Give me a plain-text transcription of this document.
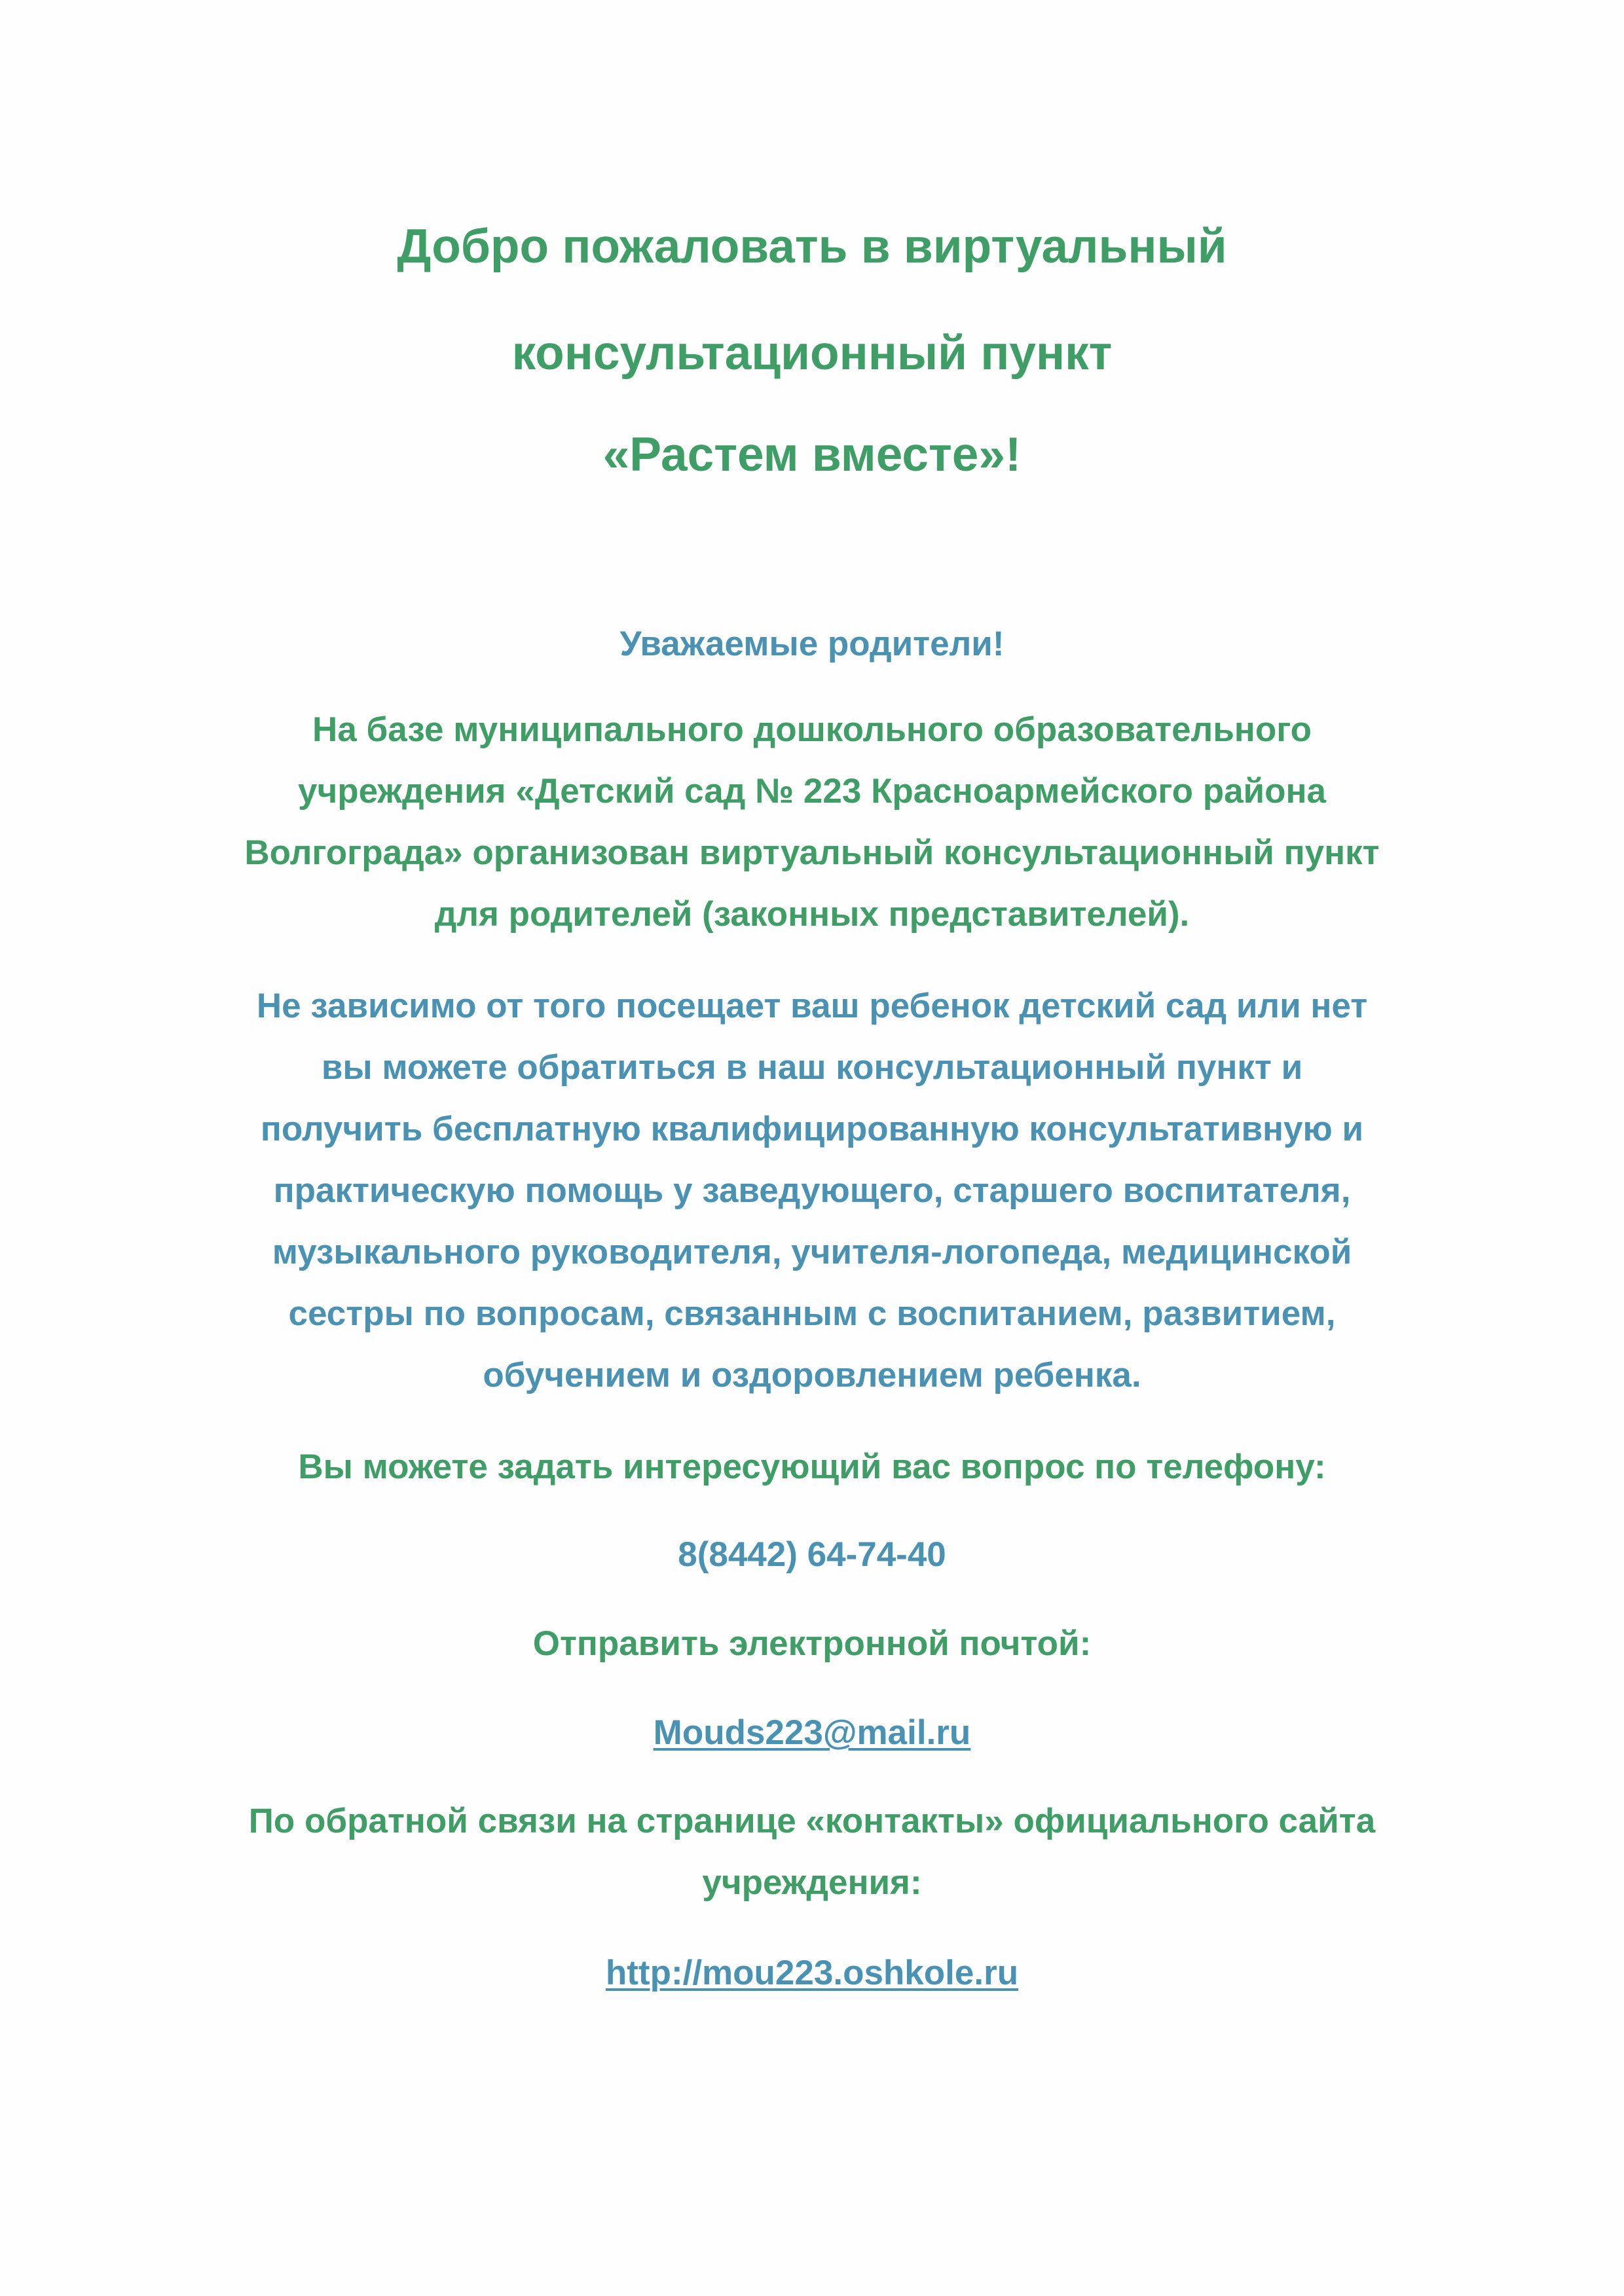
Добро пожаловать в виртуальный

консультационный пункт

«Растем вместе»!

Уважаемые родители!

На базе муниципального дошкольного образовательного

учреждения «Детский сад № 223 Красноармейского района

Волгограда» организован виртуальный консультационный пункт

для родителей (законных представителей).

Не зависимо от того посещает ваш ребенок детский сад или нет

вы можете обратиться в наш консультационный пункт и

получить бесплатную квалифицированную консультативную и

практическую помощь у заведующего, старшего воспитателя,

музыкального руководителя, учителя-логопеда, медицинской

сестры по вопросам, связанным с воспитанием, развитием,

обучением и оздоровлением ребенка.

Вы можете задать интересующий вас вопрос по телефону:

8(8442) 64-74-40

Отправить электронной почтой:

Mouds223@mail.ru

По обратной связи на странице «контакты» официального сайта

учреждения:

http://mou223.oshkole.ru
